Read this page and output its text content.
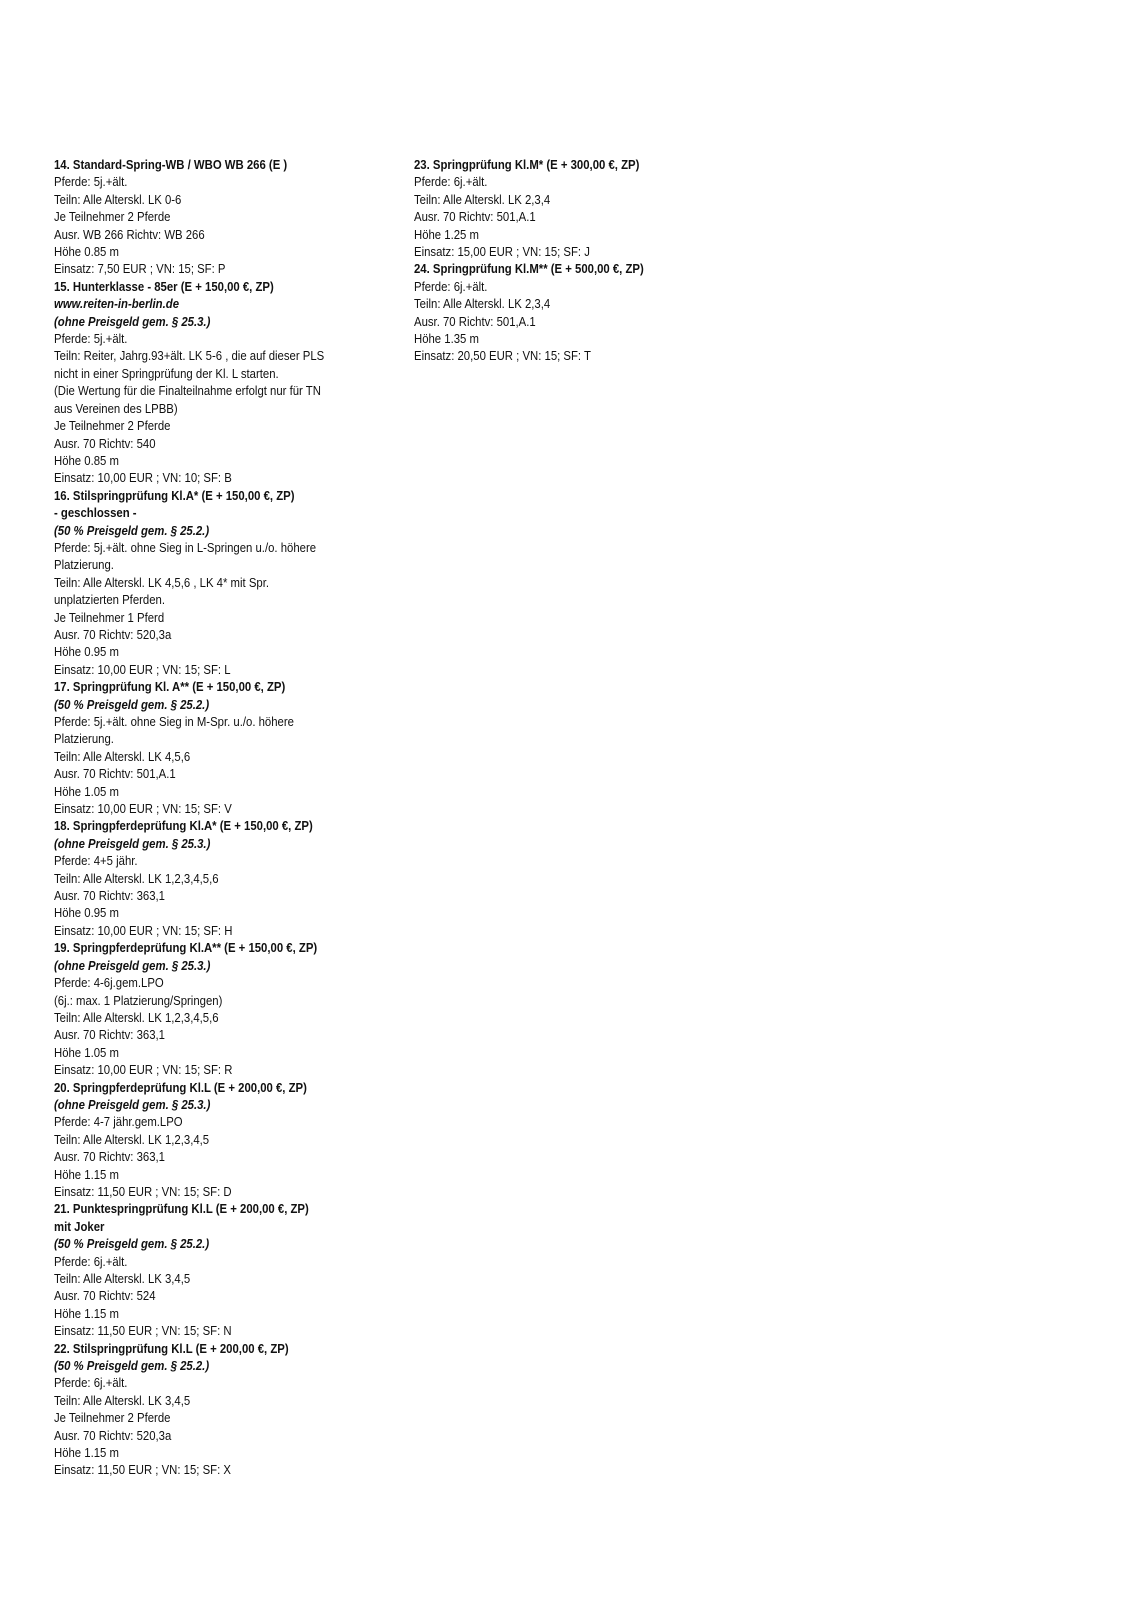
14. Standard-Spring-WB / WBO WB 266 (E )

Pferde: 5j.+ält.

Teiln: Alle Alterskl. LK 0-6

Je Teilnehmer 2 Pferde

Ausr. WB 266 Richtv: WB 266

Höhe 0.85 m

Einsatz: 7,50 EUR ; VN: 15; SF: P

15. Hunterklasse - 85er (E + 150,00 €, ZP)

www.reiten-in-berlin.de

(ohne Preisgeld gem. § 25.3.)

Pferde: 5j.+ält.

Teiln: Reiter, Jahrg.93+ält. LK 5-6 , die auf dieser PLS

nicht in einer Springprüfung der Kl. L starten.

(Die Wertung für die Finalteilnahme erfolgt nur für TN

aus Vereinen des LPBB)

Je Teilnehmer 2 Pferde

Ausr. 70 Richtv: 540

Höhe 0.85 m

Einsatz: 10,00 EUR ; VN: 10; SF: B

16. Stilspringprüfung Kl.A* (E + 150,00 €, ZP)

- geschlossen -

(50 % Preisgeld gem. § 25.2.)

Pferde: 5j.+ält. ohne Sieg in L-Springen u./o. höhere

Platzierung.

Teiln: Alle Alterskl. LK 4,5,6 , LK 4* mit Spr.

unplatzierten Pferden.

Je Teilnehmer 1 Pferd

Ausr. 70 Richtv: 520,3a

Höhe 0.95 m

Einsatz: 10,00 EUR ; VN: 15; SF: L

17. Springprüfung Kl. A** (E + 150,00 €, ZP)

(50 % Preisgeld gem. § 25.2.)

Pferde: 5j.+ält. ohne Sieg in M-Spr. u./o. höhere

Platzierung.

Teiln: Alle Alterskl. LK 4,5,6

Ausr. 70 Richtv: 501,A.1

Höhe 1.05 m

Einsatz: 10,00 EUR ; VN: 15; SF: V

18. Springpferdeprüfung Kl.A* (E + 150,00 €, ZP)

(ohne Preisgeld gem. § 25.3.)

Pferde: 4+5 jähr.

Teiln: Alle Alterskl. LK 1,2,3,4,5,6

Ausr. 70 Richtv: 363,1

Höhe 0.95 m

Einsatz: 10,00 EUR ; VN: 15; SF: H

19. Springpferdeprüfung Kl.A** (E + 150,00 €, ZP)

(ohne Preisgeld gem. § 25.3.)

Pferde: 4-6j.gem.LPO

(6j.: max. 1 Platzierung/Springen)

Teiln: Alle Alterskl. LK 1,2,3,4,5,6

Ausr. 70 Richtv: 363,1

Höhe 1.05 m

Einsatz: 10,00 EUR ; VN: 15; SF: R

20. Springpferdeprüfung Kl.L (E + 200,00 €, ZP)

(ohne Preisgeld gem. § 25.3.)

Pferde: 4-7 jähr.gem.LPO

Teiln: Alle Alterskl. LK 1,2,3,4,5

Ausr. 70 Richtv: 363,1

Höhe 1.15 m

Einsatz: 11,50 EUR ; VN: 15; SF: D

21. Punktespringprüfung Kl.L (E + 200,00 €, ZP)

mit Joker

(50 % Preisgeld gem. § 25.2.)

Pferde: 6j.+ält.

Teiln: Alle Alterskl. LK 3,4,5

Ausr. 70 Richtv: 524

Höhe 1.15 m

Einsatz: 11,50 EUR ; VN: 15; SF: N

22. Stilspringprüfung Kl.L (E + 200,00 €, ZP)

(50 % Preisgeld gem. § 25.2.)

Pferde: 6j.+ält.

Teiln: Alle Alterskl. LK 3,4,5

Je Teilnehmer 2 Pferde

Ausr. 70 Richtv: 520,3a

Höhe 1.15 m

Einsatz: 11,50 EUR ; VN: 15; SF: X

23. Springprüfung Kl.M* (E + 300,00 €, ZP)

Pferde: 6j.+ält.

Teiln: Alle Alterskl. LK 2,3,4

Ausr. 70 Richtv: 501,A.1

Höhe 1.25 m

Einsatz: 15,00 EUR ; VN: 15; SF: J

24. Springprüfung Kl.M** (E + 500,00 €, ZP)

Pferde: 6j.+ält.

Teiln: Alle Alterskl. LK 2,3,4

Ausr. 70 Richtv: 501,A.1

Höhe 1.35 m

Einsatz: 20,50 EUR ; VN: 15; SF: T
